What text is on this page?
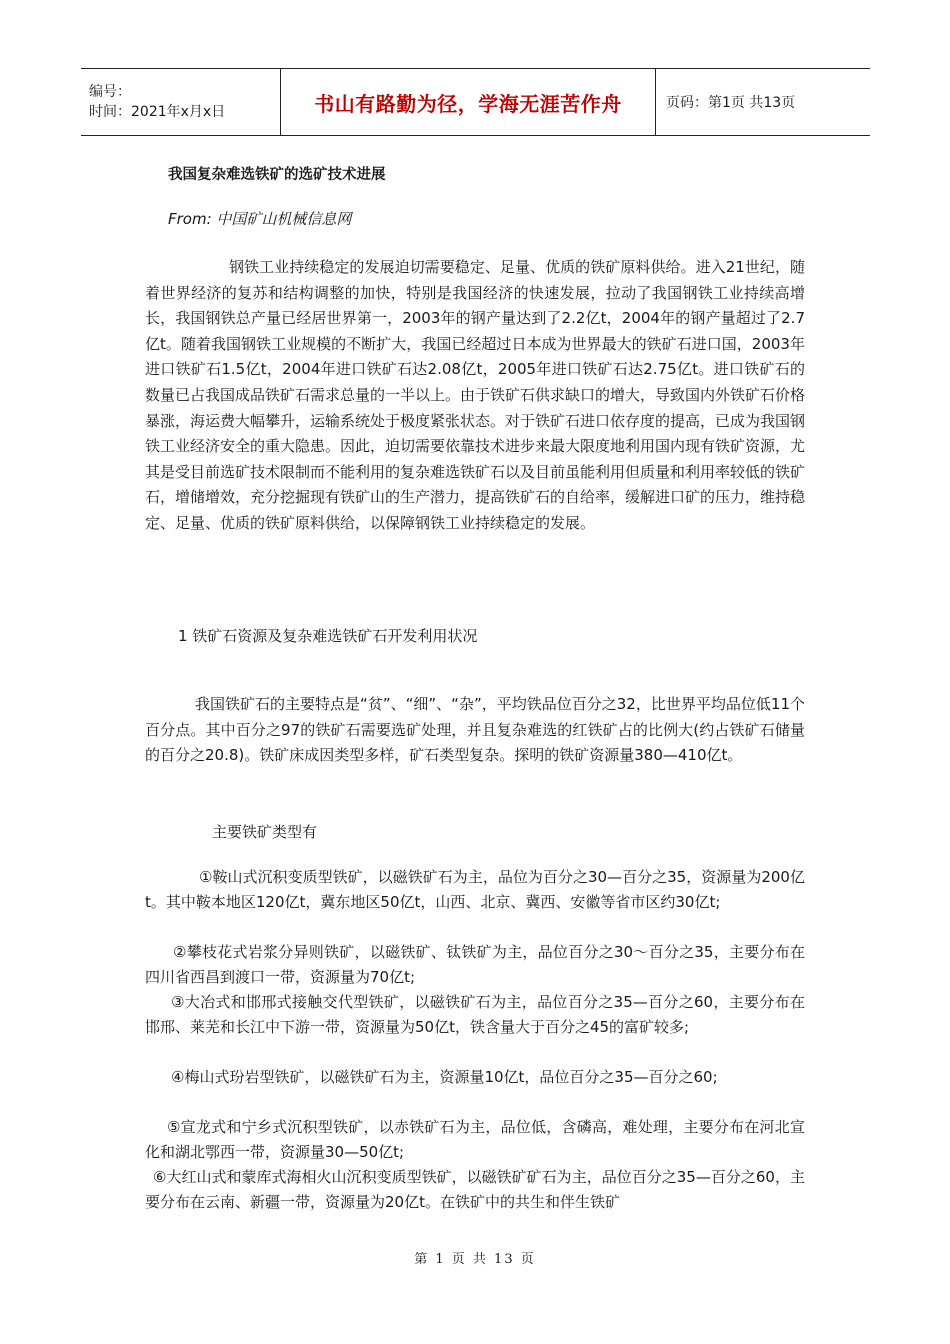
编号：
时间：2021年x月x日	书山有路勤为径，学海无涯苦作舟	页码：第1页 共13页
我国复杂难选铁矿的选矿技术进展
From: 中国矿山机械信息网

钢铁工业持续稳定的发展迫切需要稳定、足量、优质的铁矿原料供给。进入21世纪，随着世界经济的复苏和结构调整的加快，特别是我国经济的快速发展，拉动了我国钢铁工业持续高增长，我国钢铁总产量已经居世界第一，2003年的钢产量达到了2.2亿t，2004年的钢产量超过了2.7亿t。随着我国钢铁工业规模的不断扩大，我国已经超过日本成为世界最大的铁矿石进口国，2003年进口铁矿石1.5亿t，2004年进口铁矿石达2.08亿t，2005年进口铁矿石达2.75亿t。进口铁矿石的数量已占我国成品铁矿石需求总量的一半以上。由于铁矿石供求缺口的增大，导致国内外铁矿石价格暴涨，海运费大幅攀升，运输系统处于极度紧张状态。对于铁矿石进口依存度的提高，已成为我国钢铁工业经济安全的重大隐患。因此，迫切需要依靠技术进步来最大限度地利用国内现有铁矿资源，尤其是受目前选矿技术限制而不能利用的复杂难选铁矿石以及目前虽能利用但质量和利用率较低的铁矿石，增储增效，充分挖掘现有铁矿山的生产潜力，提高铁矿石的自给率，缓解进口矿的压力，维持稳定、足量、优质的铁矿原料供给，以保障钢铁工业持续稳定的发展。

1 铁矿石资源及复杂难选铁矿石开发利用状况

我国铁矿石的主要特点是“贫”、“细”、“杂”，平均铁品位百分之32，比世界平均品位低11个百分点。其中百分之97的铁矿石需要选矿处理，并且复杂难选的红铁矿占的比例大(约占铁矿石储量的百分之20.8)。铁矿床成因类型多样，矿石类型复杂。探明的铁矿资源量380—410亿t。

主要铁矿类型有

①鞍山式沉积变质型铁矿，以磁铁矿石为主，品位为百分之30—百分之35，资源量为200亿t。其中鞍本地区120亿t，冀东地区50亿t，山西、北京、冀西、安徽等省市区约30亿t;

②攀枝花式岩浆分异则铁矿，以磁铁矿、钛铁矿为主，品位百分之30～百分之35，主要分布在四川省西昌到渡口一带，资源量为70亿t;

③大冶式和邯邢式接触交代型铁矿，以磁铁矿石为主，品位百分之35—百分之60，主要分布在邯邢、莱芜和长江中下游一带，资源量为50亿t，铁含量大于百分之45的富矿较多;

④梅山式玢岩型铁矿，以磁铁矿石为主，资源量10亿t，品位百分之35—百分之60;

⑤宣龙式和宁乡式沉积型铁矿，以赤铁矿石为主，品位低，含磷高，难处理，主要分布在河北宣化和湖北鄂西一带，资源量30—50亿t;

⑥大红山式和蒙库式海相火山沉积变质型铁矿，以磁铁矿矿石为主，品位百分之35—百分之60，主要分布在云南、新疆一带，资源量为20亿t。在铁矿中的共生和伴生铁矿

第 1 页 共 13 页
